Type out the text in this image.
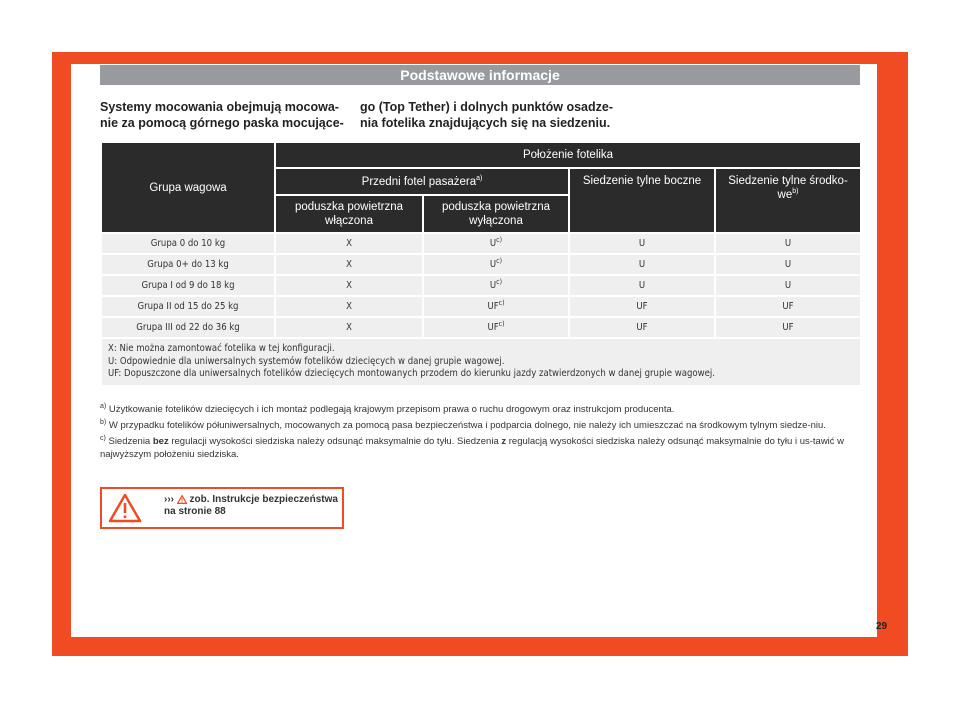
Podstawowe informacje
Systemy mocowania obejmują mocowa-nie za pomocą górnego paska mocujące-
go (Top Tether) i dolnych punktów osadze-nia fotelika znajdujących się na siedzeniu.
Grupa wagowa	Położenie fotelika			
	Przedni fotel pasażera$^{a)}$		Siedzenie tylne boczne	Siedzenie tylne środko-$we^{b)}$
	poduszka powietrzna włączona	poduszka powietrzna wyłączona		
Grupa 0 do 10 kg	X	$U^{c)}$	U	U
Grupa 0+ do 13 kg	X	$U^{c)}$	U	U
Grupa I od 9 do 18 kg	X	$U^{c)}$	U	U
Grupa II od 15 do 25 kg	X	UF$^{c)}$	UF	UF
Grupa III od 22 do 36 kg	X	UF$^{c)}$	UF	UF

X: Nie można zamontować fotelika w tej konfiguracji.
U: Odpowiednie dla uniwersalnych systemów fotelików dziecięcych w danej grupie wagowej.
UF: Dopuszczone dla uniwersalnych fotelików dziecięcych montowanych przodem do kierunku jazdy zatwierdzonych w danej grupie wagowej.				

$^{a)}$ Użytkowanie fotelików dziecięcych i ich montaż podlegają krajowym przepisom prawa o ruchu drogowym oraz instrukcjom producenta.

$^{b)}$ W przypadku fotelików półuniwersalnych, mocowanych za pomocą pasa bezpieczeństwa i podparcia dolnego, nie należy ich umieszczać na środkowym tylnym siedze-niu.

$^{c)}$ Siedzenia bez regulacji wysokości siedziska należy odsunąć maksymalnie do tyłu. Siedzenia z regulacją wysokości siedziska należy odsunąć maksymalnie do tyłu i us-tawić w najwyższym położeniu siedziska.

›››  zob. Instrukcje bezpieczeństwa
na stronie 88
29
